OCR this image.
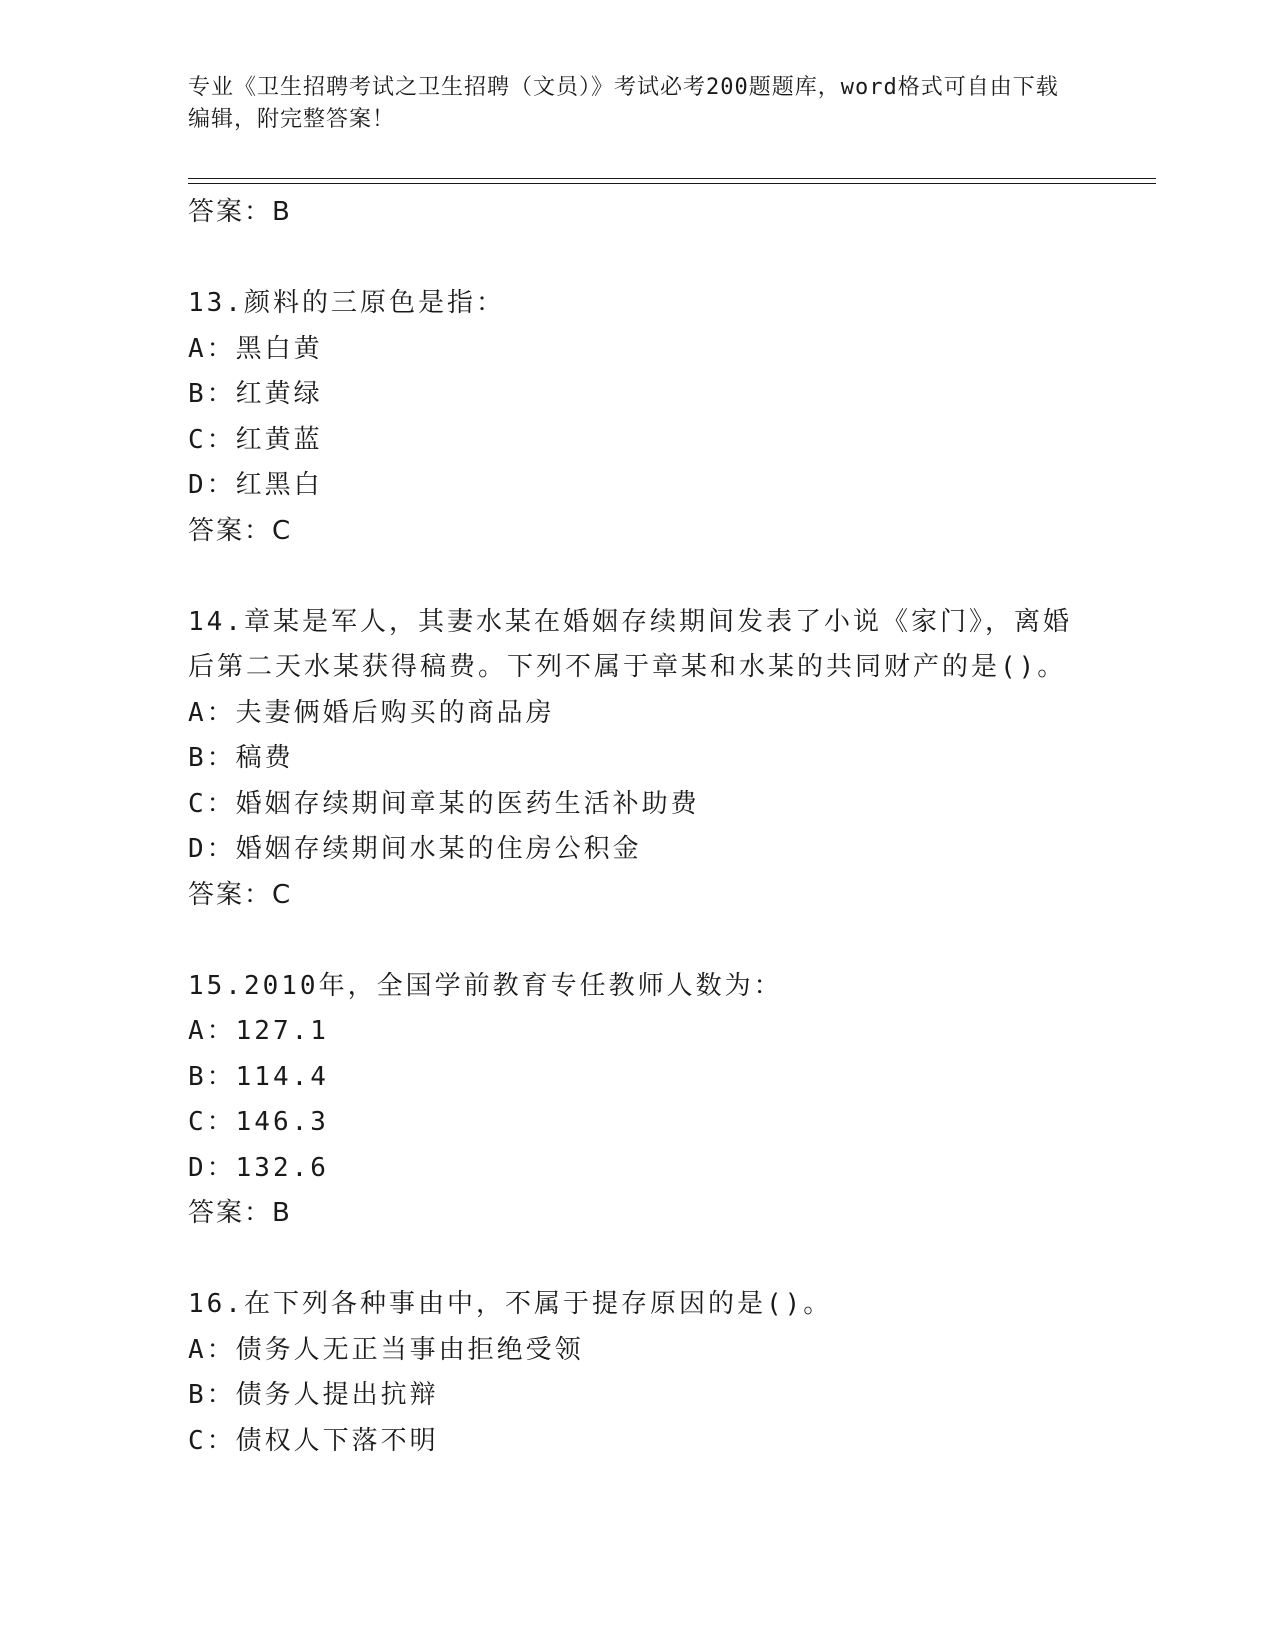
专业《卫生招聘考试之卫生招聘（文员）》考试必考200题题库，word格式可自由下载编辑，附完整答案！
答案：B
13.颜料的三原色是指：
A：黑白黄
B：红黄绿
C：红黄蓝
D：红黑白
答案：C
14.章某是军人，其妻水某在婚姻存续期间发表了小说《家门》，离婚
后第二天水某获得稿费。下列不属于章某和水某的共同财产的是()。
A：夫妻俩婚后购买的商品房
B：稿费
C：婚姻存续期间章某的医药生活补助费
D：婚姻存续期间水某的住房公积金
答案：C
15.2010年，全国学前教育专任教师人数为：
A：127.1
B：114.4
C：146.3
D：132.6
答案：B
16.在下列各种事由中，不属于提存原因的是()。
A：债务人无正当事由拒绝受领
B：债务人提出抗辩
C：债权人下落不明
